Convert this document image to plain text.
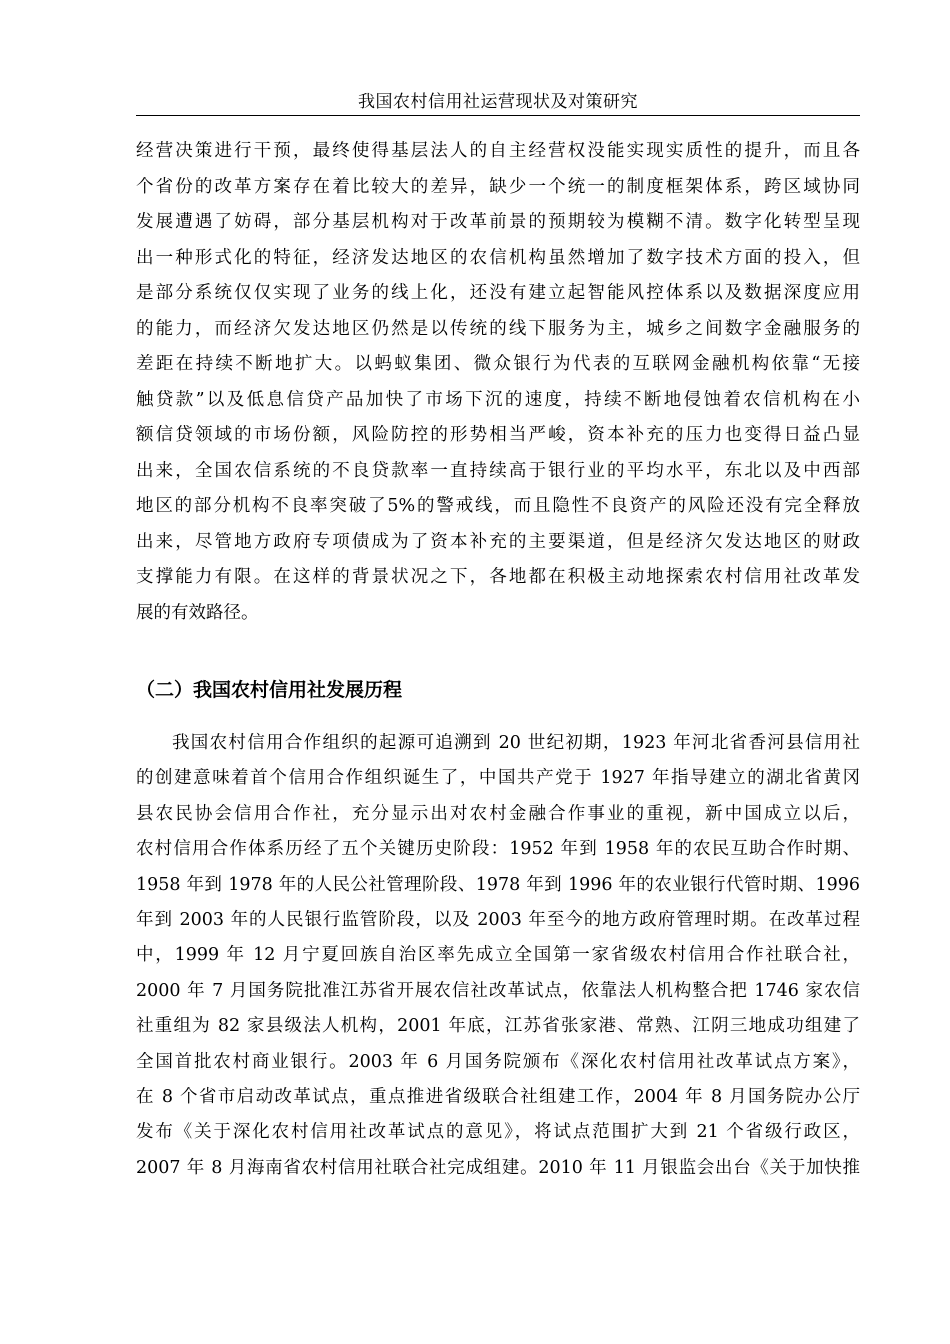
我国农村信用社运营现状及对策研究
经营决策进行干预，最终使得基层法人的自主经营权没能实现实质性的提升，而且各
个省份的改革方案存在着比较大的差异，缺少一个统一的制度框架体系，跨区域协同
发展遭遇了妨碍，部分基层机构对于改革前景的预期较为模糊不清。数字化转型呈现
出一种形式化的特征，经济发达地区的农信机构虽然增加了数字技术方面的投入，但
是部分系统仅仅实现了业务的线上化，还没有建立起智能风控体系以及数据深度应用
的能力，而经济欠发达地区仍然是以传统的线下服务为主，城乡之间数字金融服务的
差距在持续不断地扩大。以蚂蚁集团、微众银行为代表的互联网金融机构依靠“无接
触贷款”以及低息信贷产品加快了市场下沉的速度，持续不断地侵蚀着农信机构在小
额信贷领域的市场份额，风险防控的形势相当严峻，资本补充的压力也变得日益凸显
出来，全国农信系统的不良贷款率一直持续高于银行业的平均水平，东北以及中西部
地区的部分机构不良率突破了5%的警戒线，而且隐性不良资产的风险还没有完全释放
出来，尽管地方政府专项债成为了资本补充的主要渠道，但是经济欠发达地区的财政
支撑能力有限。在这样的背景状况之下，各地都在积极主动地探索农村信用社改革发
展的有效路径。
（二）我国农村信用社发展历程
我国农村信用合作组织的起源可追溯到 20 世纪初期，1923 年河北省香河县信用社
的创建意味着首个信用合作组织诞生了，中国共产党于 1927 年指导建立的湖北省黄冈
县农民协会信用合作社，充分显示出对农村金融合作事业的重视，新中国成立以后，
农村信用合作体系历经了五个关键历史阶段：1952 年到 1958 年的农民互助合作时期、
1958 年到 1978 年的人民公社管理阶段、1978 年到 1996 年的农业银行代管时期、1996
年到 2003 年的人民银行监管阶段，以及 2003 年至今的地方政府管理时期。在改革过程
中，1999 年 12 月宁夏回族自治区率先成立全国第一家省级农村信用合作社联合社，
2000 年 7 月国务院批准江苏省开展农信社改革试点，依靠法人机构整合把 1746 家农信
社重组为 82 家县级法人机构，2001 年底，江苏省张家港、常熟、江阴三地成功组建了
全国首批农村商业银行。2003 年 6 月国务院颁布《深化农村信用社改革试点方案》，
在 8 个省市启动改革试点，重点推进省级联合社组建工作，2004 年 8 月国务院办公厅
发布《关于深化农村信用社改革试点的意见》，将试点范围扩大到 21 个省级行政区，
2007 年 8 月海南省农村信用社联合社完成组建。2010 年 11 月银监会出台《关于加快推
